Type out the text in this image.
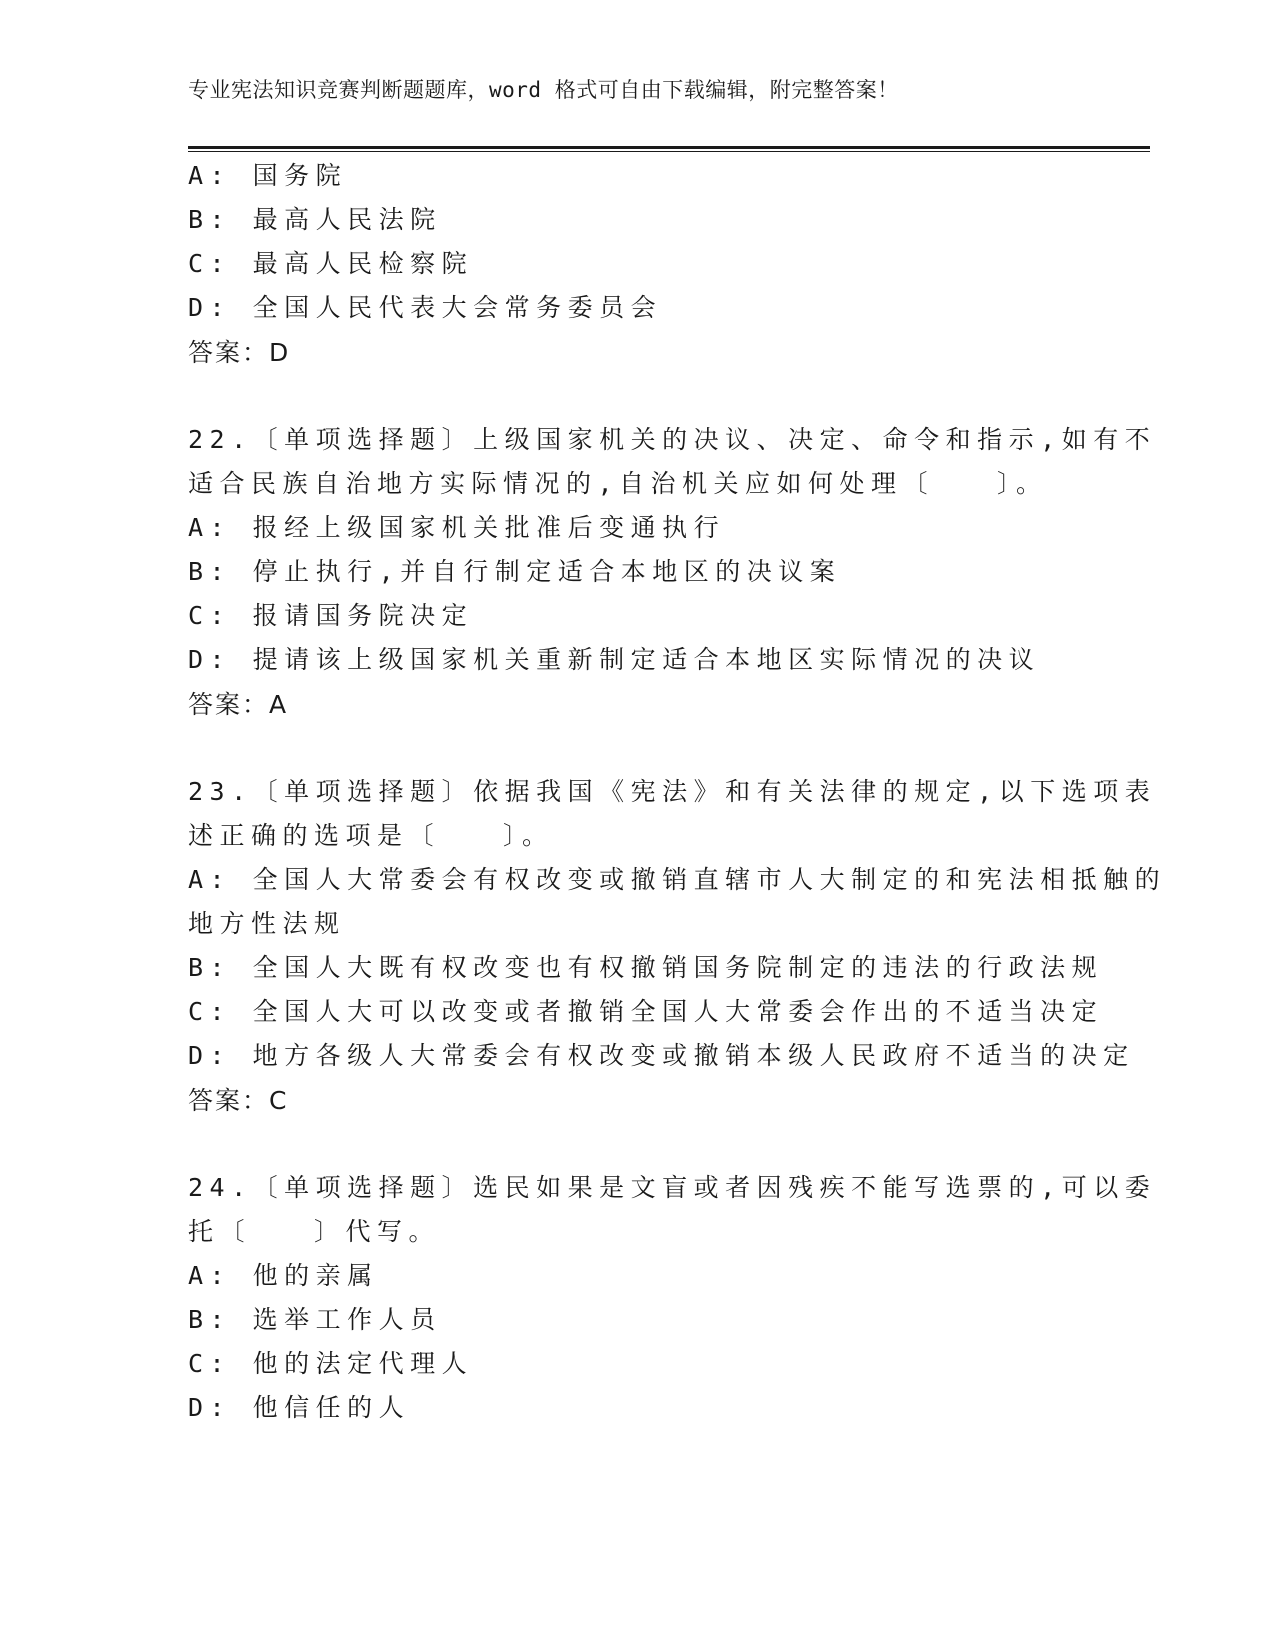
专业宪法知识竞赛判断题题库，word 格式可自由下载编辑，附完整答案！
A: 国务院
B: 最高人民法院
C: 最高人民检察院
D: 全国人民代表大会常务委员会
答案：D
22.〔单项选择题〕上级国家机关的决议、决定、命令和指示,如有不
适合民族自治地方实际情况的,自治机关应如何处理〔　　〕。
A: 报经上级国家机关批准后变通执行
B: 停止执行,并自行制定适合本地区的决议案
C: 报请国务院决定
D: 提请该上级国家机关重新制定适合本地区实际情况的决议
答案：A
23.〔单项选择题〕依据我国《宪法》和有关法律的规定,以下选项表
述正确的选项是〔　　〕。
A: 全国人大常委会有权改变或撤销直辖市人大制定的和宪法相抵触的
地方性法规
B: 全国人大既有权改变也有权撤销国务院制定的违法的行政法规
C: 全国人大可以改变或者撤销全国人大常委会作出的不适当决定
D: 地方各级人大常委会有权改变或撤销本级人民政府不适当的决定
答案：C
24.〔单项选择题〕选民如果是文盲或者因残疾不能写选票的,可以委
托〔　　〕代写。
A: 他的亲属
B: 选举工作人员
C: 他的法定代理人
D: 他信任的人
